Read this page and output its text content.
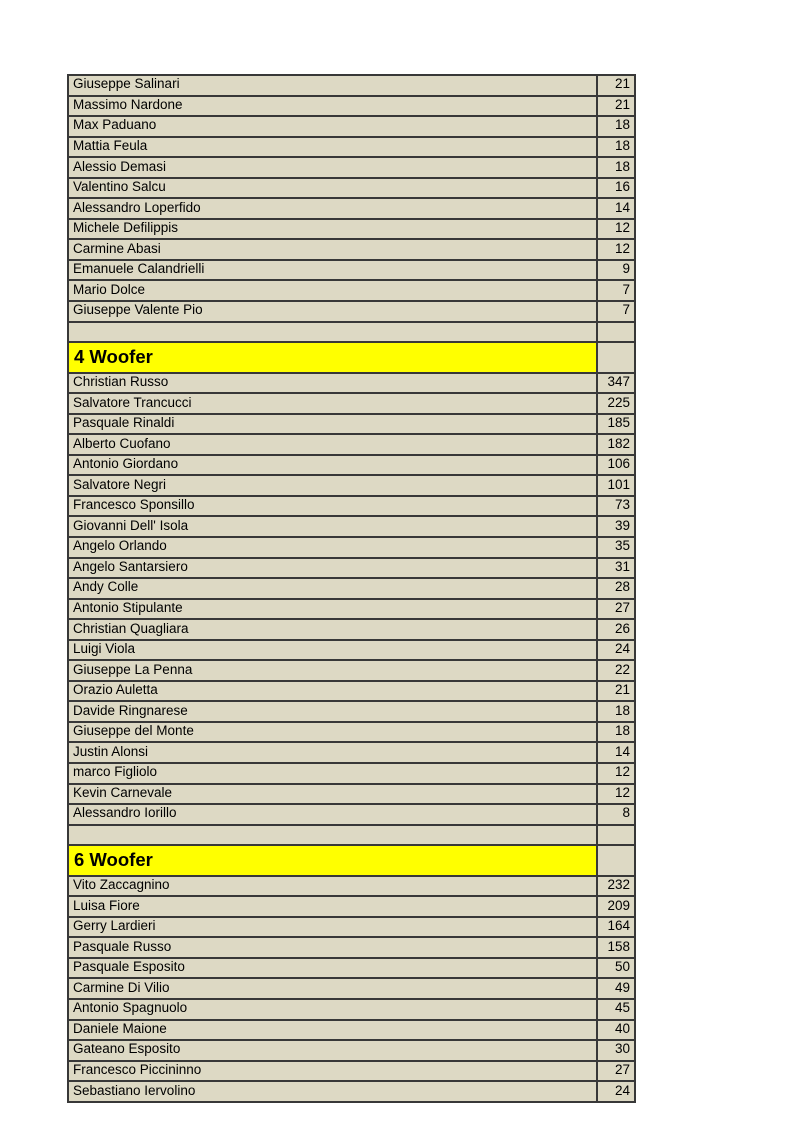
Giuseppe Salinari	21
Massimo Nardone	21
Max Paduano	18
Mattia Feula	18
Alessio Demasi	18
Valentino Salcu	16
Alessandro Loperfido	14
Michele Defilippis	12
Carmine Abasi	12
Emanuele Calandrielli	9
Mario Dolce	7
Giuseppe Valente Pio	7

4 Woofer	
Christian Russo	347
Salvatore Trancucci	225
Pasquale Rinaldi	185
Alberto Cuofano	182
Antonio Giordano	106
Salvatore Negri	101
Francesco Sponsillo	73
Giovanni Dell' Isola	39
Angelo Orlando	35
Angelo Santarsiero	31
Andy Colle	28
Antonio Stipulante	27
Christian Quagliara	26
Luigi Viola	24
Giuseppe La Penna	22
Orazio Auletta	21
Davide Ringnarese	18
Giuseppe del Monte	18
Justin Alonsi	14
marco Figliolo	12
Kevin Carnevale	12
Alessandro Iorillo	8

6 Woofer	
Vito Zaccagnino	232
Luisa Fiore	209
Gerry Lardieri	164
Pasquale Russo	158
Pasquale Esposito	50
Carmine Di Vilio	49
Antonio Spagnuolo	45
Daniele Maione	40
Gateano Esposito	30
Francesco Piccininno	27
Sebastiano Iervolino	24
